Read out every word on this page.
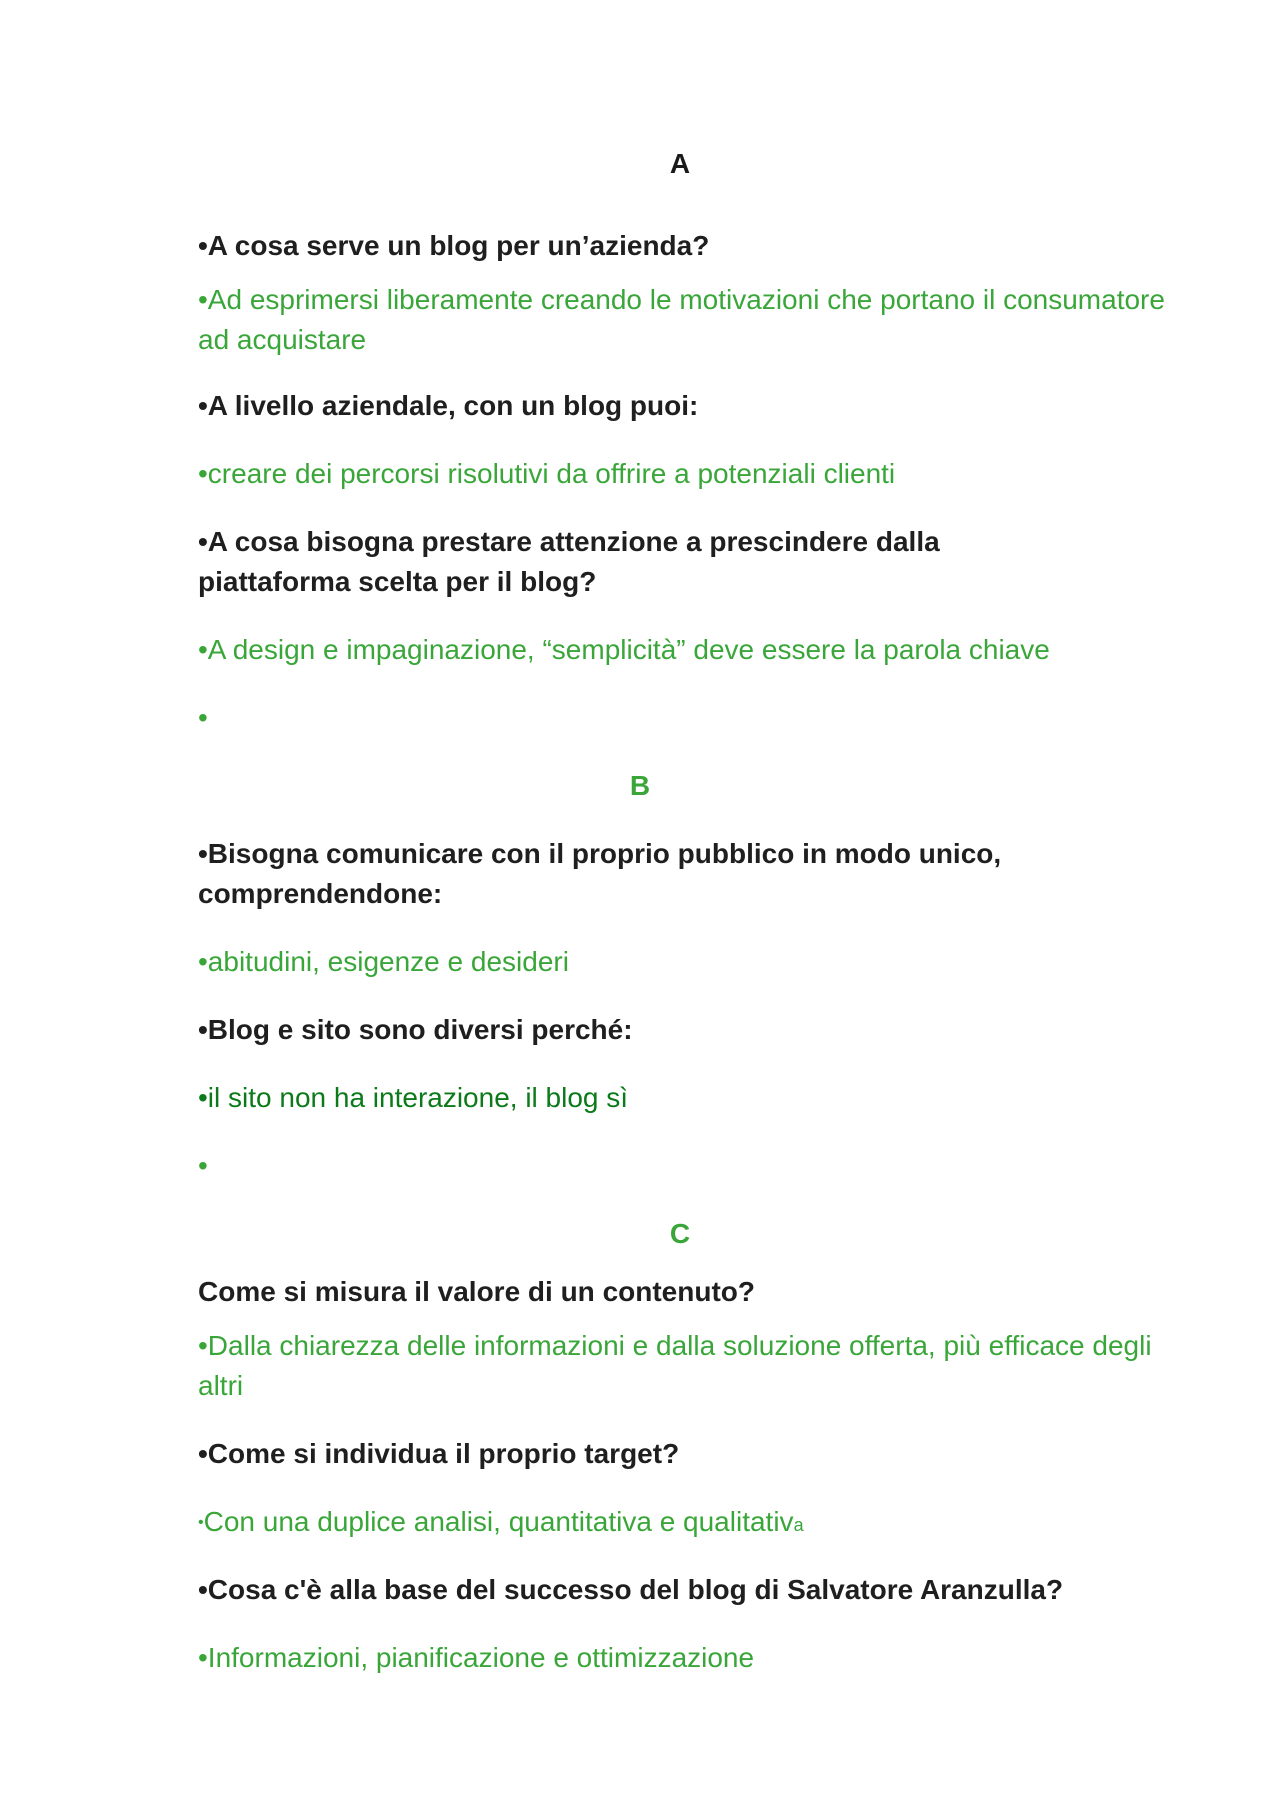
A

•A cosa serve un blog per un’azienda?

•Ad esprimersi liberamente creando le motivazioni che portano il consumatore ad acquistare

•A livello aziendale, con un blog puoi:

•creare dei percorsi risolutivi da offrire a potenziali clienti

•A cosa bisogna prestare attenzione a prescindere dalla piattaforma scelta per il blog?

•A design e impaginazione, “semplicità” deve essere la parola chiave

•

B

•Bisogna comunicare con il proprio pubblico in modo unico, comprendendone:

•abitudini, esigenze e desideri

•Blog e sito sono diversi perché:

•il sito non ha interazione, il blog sì

•

C

Come si misura il valore di un contenuto?

•Dalla chiarezza delle informazioni e dalla soluzione offerta, più efficace degli altri

•Come si individua il proprio target?

•Con una duplice analisi, quantitativa e qualitativa

•Cosa c'è alla base del successo del blog di Salvatore Aranzulla?

•Informazioni, pianificazione e ottimizzazione
